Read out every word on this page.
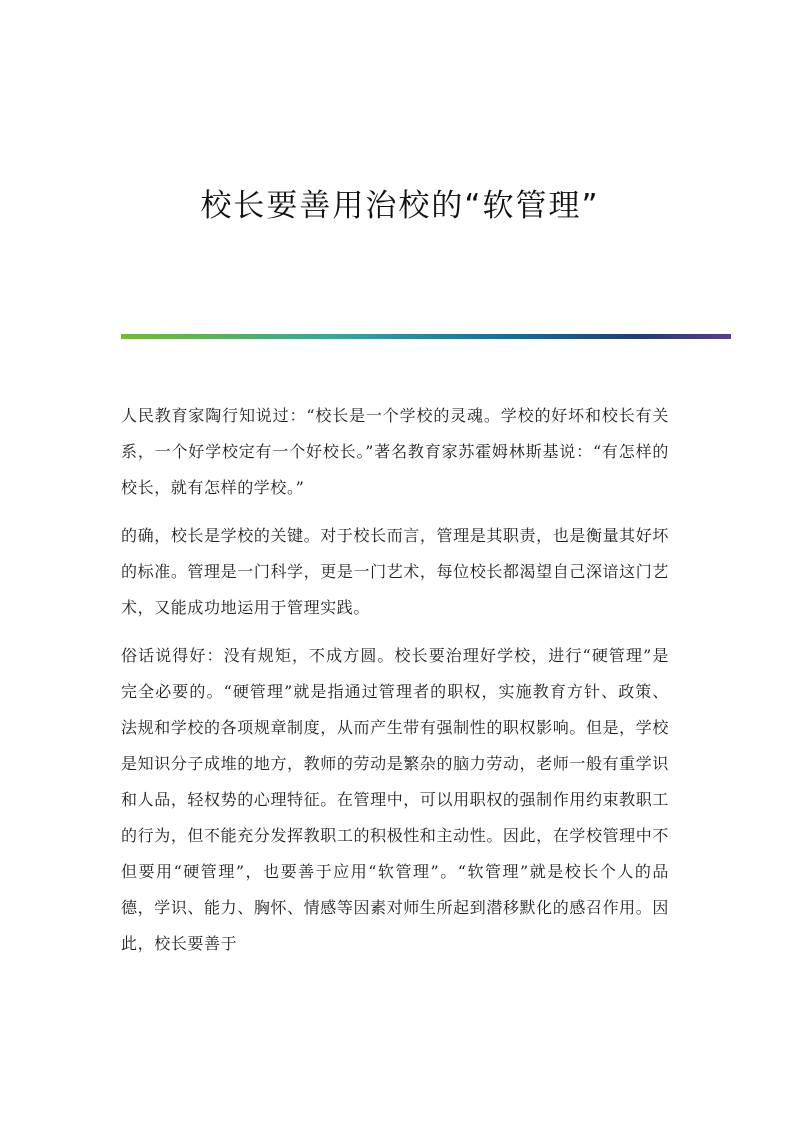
校长要善用治校的“软管理”

人民教育家陶行知说过：“校长是一个学校的灵魂。学校的好坏和校长有关系，一个好学校定有一个好校长。”著名教育家苏霍姆林斯基说：“有怎样的校长，就有怎样的学校。”

的确，校长是学校的关键。对于校长而言，管理是其职责，也是衡量其好坏的标准。管理是一门科学，更是一门艺术，每位校长都渴望自己深谙这门艺术，又能成功地运用于管理实践。

俗话说得好：没有规矩，不成方圆。校长要治理好学校，进行“硬管理”是完全必要的。“硬管理”就是指通过管理者的职权，实施教育方针、政策、法规和学校的各项规章制度，从而产生带有强制性的职权影响。但是，学校是知识分子成堆的地方，教师的劳动是繁杂的脑力劳动，老师一般有重学识和人品，轻权势的心理特征。在管理中，可以用职权的强制作用约束教职工的行为，但不能充分发挥教职工的积极性和主动性。因此，在学校管理中不但要用“硬管理”，也要善于应用“软管理”。“软管理”就是校长个人的品德，学识、能力、胸怀、情感等因素对师生所起到潜移默化的感召作用。因此，校长要善于
